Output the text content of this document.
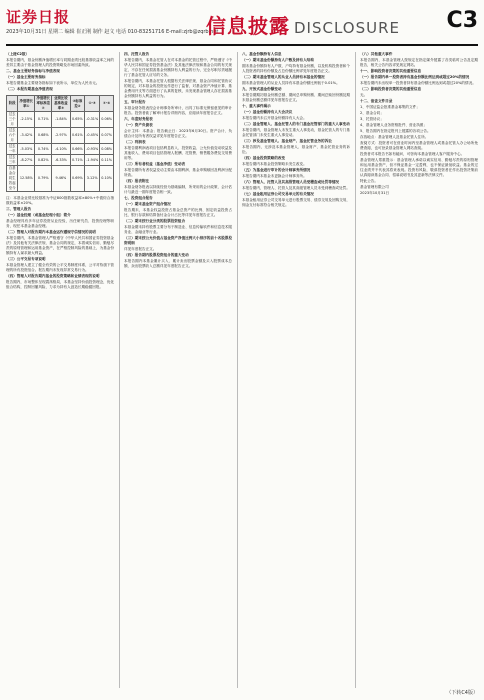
证券日报
2023年10月31日 星期二 编辑 崔正刚 制作 赵文 电话 010-83251716 E-mail:zjrb@zqrb.net
信息披露 DISCLOSURE C3

（上接C2版）

本报告期内，基金份额净值增长率与同期业绩比较基准收益率之间的差异主要由于基金管理人的投资策略及市场因素所致。

二、基金主要财务指标与净值表现

（一）基金主要财务指标

本报告期基金主要财务指标如下表所示，单位为人民币元。

（二）本报告期基金净值表现

阶段	净值增长率①	净值增长率标准差②	业绩比较基准收益率③	③标准差④	①-③	②-④
过去三个月	-2.15%	0.71%	-1.84%	0.65%	-0.31%	0.06%
过去六个月	-3.42%	0.68%	-2.97%	0.61%	-0.45%	0.07%
过去一年	-5.03%	0.74%	-4.10%	0.66%	-0.93%	0.08%
过去三年	-8.27%	0.82%	-6.33%	0.71%	-1.94%	0.11%
自基金合同生效起至今	12.58%	0.79%	9.46%	0.69%	3.12%	0.10%

注：本基金业绩比较基准为中证800指数收益率×80%+中债综合指数收益率×20%。

三、管理人报告

（一）基金经理（或基金经理小组）简介

基金经理具有多年证券投资从业经验，历任研究员、投资经理等职务，现任本基金基金经理。

（二）管理人对报告期内本基金运作遵规守信情况的说明

本报告期内，本基金管理人严格遵守《中华人民共和国证券投资基金法》及其他有关法律法规、基金合同的规定，本着诚实信用、勤勉尽责的原则管理和运用基金资产，在严格控制风险的基础上，为基金份额持有人谋求最大利益。

（三）公平交易专项说明

本基金管理人建立了健全有效的公平交易制度体系，公平对待旗下管理的所有投资组合。报告期内未发现异常交易行为。

（四）管理人对报告期内基金的投资策略和业绩表现的说明

报告期内，市场整体呈现震荡格局，本基金坚持价值投资理念，优化组合结构，控制回撤风险，力求为持有人创造长期稳健回报。

四、托管人报告

本报告期内，本基金托管人在对本基金的托管过程中，严格遵守《中华人民共和国证券投资基金法》及其他法律法规和基金合同的有关规定，不存在任何损害基金份额持有人利益的行为，完全尽职尽责地履行了基金托管人应尽的义务。

本报告期内，本基金托管人根据有关法律法规、基金合同和托管协议的规定，对本基金的投资运作进行了监督，对基金资产净值计算、基金费用开支等方面进行了认真的复核，未发现基金管理人存在损害基金份额持有人利益的行为。

五、审计报告

本基金财务报表经会计师事务所审计，出具了标准无保留意见的审计报告。投资者欲了解审计报告详细内容，应阅读年度报告正文。

六、年度财务报表

（一）资产负债表

会计主体：本基金；报告截止日：2023年6月30日。资产合计、负债合计及所有者权益详见年度报告正文。

（二）利润表

本报告期利润表项目包括利息收入、投资收益、公允价值变动收益及其他收入，费用项目包括管理人报酬、托管费、销售服务费及交易费用等。

（三）所有者权益（基金净值）变动表

本报告期所有者权益变动主要由本期利润、基金申购赎回及利润分配所致。

（四）报表附注

本基金财务报表以持续经营为基础编制，所采用的会计政策、会计估计与最近一期年度报告相一致。

七、投资组合报告

（一）期末基金资产组合情况

报告期末，本基金权益投资占基金总资产的比例、固定收益投资占比、银行存款和结算备付金合计占比等详见年度报告正文。

（二）期末按行业分类的股票投资组合

本基金期末持有股票主要分布于制造业、信息传输软件和信息技术服务业、金融业等行业。

（三）期末按公允价值占基金资产净值比例大小排序的前十名股票投资明细

详见年度报告正文。

（四）报告期内股票投资组合的重大变动

本报告期内本基金累计买入、累计卖出股票金额及买入股票成本总额、卖出股票收入总额详见年度报告正文。

八、基金份额持有人信息

（一）期末基金份额持有人户数及持有人结构

期末基金份额持有人户数、户均持有基金份额，以及机构投资者和个人投资者的持有份额及占总份额比例详见年度报告正文。

（二）期末基金管理人的从业人员持有本基金的情况

期末基金管理人的从业人员持有本基金份额比例低于0.01%。

九、开放式基金份额变动

本报告期期初基金份额总额、期间总申购份额、期间总赎回份额及期末基金份额总额详见年度报告正文。

十、重大事件揭示

（一）基金份额持有人大会决议

本报告期内未召开基金份额持有人大会。

（二）基金管理人、基金托管人的专门基金托管部门的重大人事变动

本报告期内，基金管理人未发生重大人事变动，基金托管人的专门基金托管部门未发生重大人事变动。

（三）涉及基金管理人、基金财产、基金托管业务的诉讼

本报告期内，无涉及本基金管理人、基金财产、基金托管业务的诉讼。

（四）基金投资策略的改变

本报告期内本基金投资策略未发生改变。

（五）为基金进行审计的会计师事务所情况

本报告期内本基金未更换会计师事务所。

（六）管理人、托管人及其高级管理人员受稽查或处罚等情况

本报告期内，管理人、托管人及其高级管理人员未受到稽查或处罚。

（七）基金租用证券公司交易单元的有关情况

本基金租用证券公司交易单元进行股票交易、债券交易及回购交易，佣金支付标准符合相关规定。

（八）其他重大事件

本报告期内，本基金管理人按规定在指定媒介披露了各类临时公告及定期报告，相关公告内容详见规定网站。

十一、影响投资者决策的其他重要信息

（一）报告期内单一投资者持有基金份额比例达到或超过20%的情况

本报告期内未出现单一投资者持有基金份额比例达到或超过20%的情况。

（二）影响投资者决策的其他重要信息

无。

十二、备查文件目录

1、中国证监会批准基金募集的文件；

2、基金合同；

3、托管协议；

4、基金管理人业务资格批件、营业执照；

5、报告期内在指定报刊上披露的各项公告。

存放地点：基金管理人及基金托管人住所。

查阅方式：投资者可在营业时间内至基金管理人或基金托管人办公场所免费查阅，也可登录基金管理人网站查阅。

投资者对本报告书如有疑问，可咨询本基金管理人客户服务中心。

基金管理人郑重提示：基金管理人承诺以诚实信用、勤勉尽责的原则管理和运用基金资产，但不保证基金一定盈利，也不保证最低收益。基金的过往业绩并不代表其将来表现。投资有风险，敬请投资者在作出投资决策前认真阅读基金合同、招募说明书及其更新等法律文件。

特此公告。

基金管理有限公司

2023年10月31日

（下转C4版）
